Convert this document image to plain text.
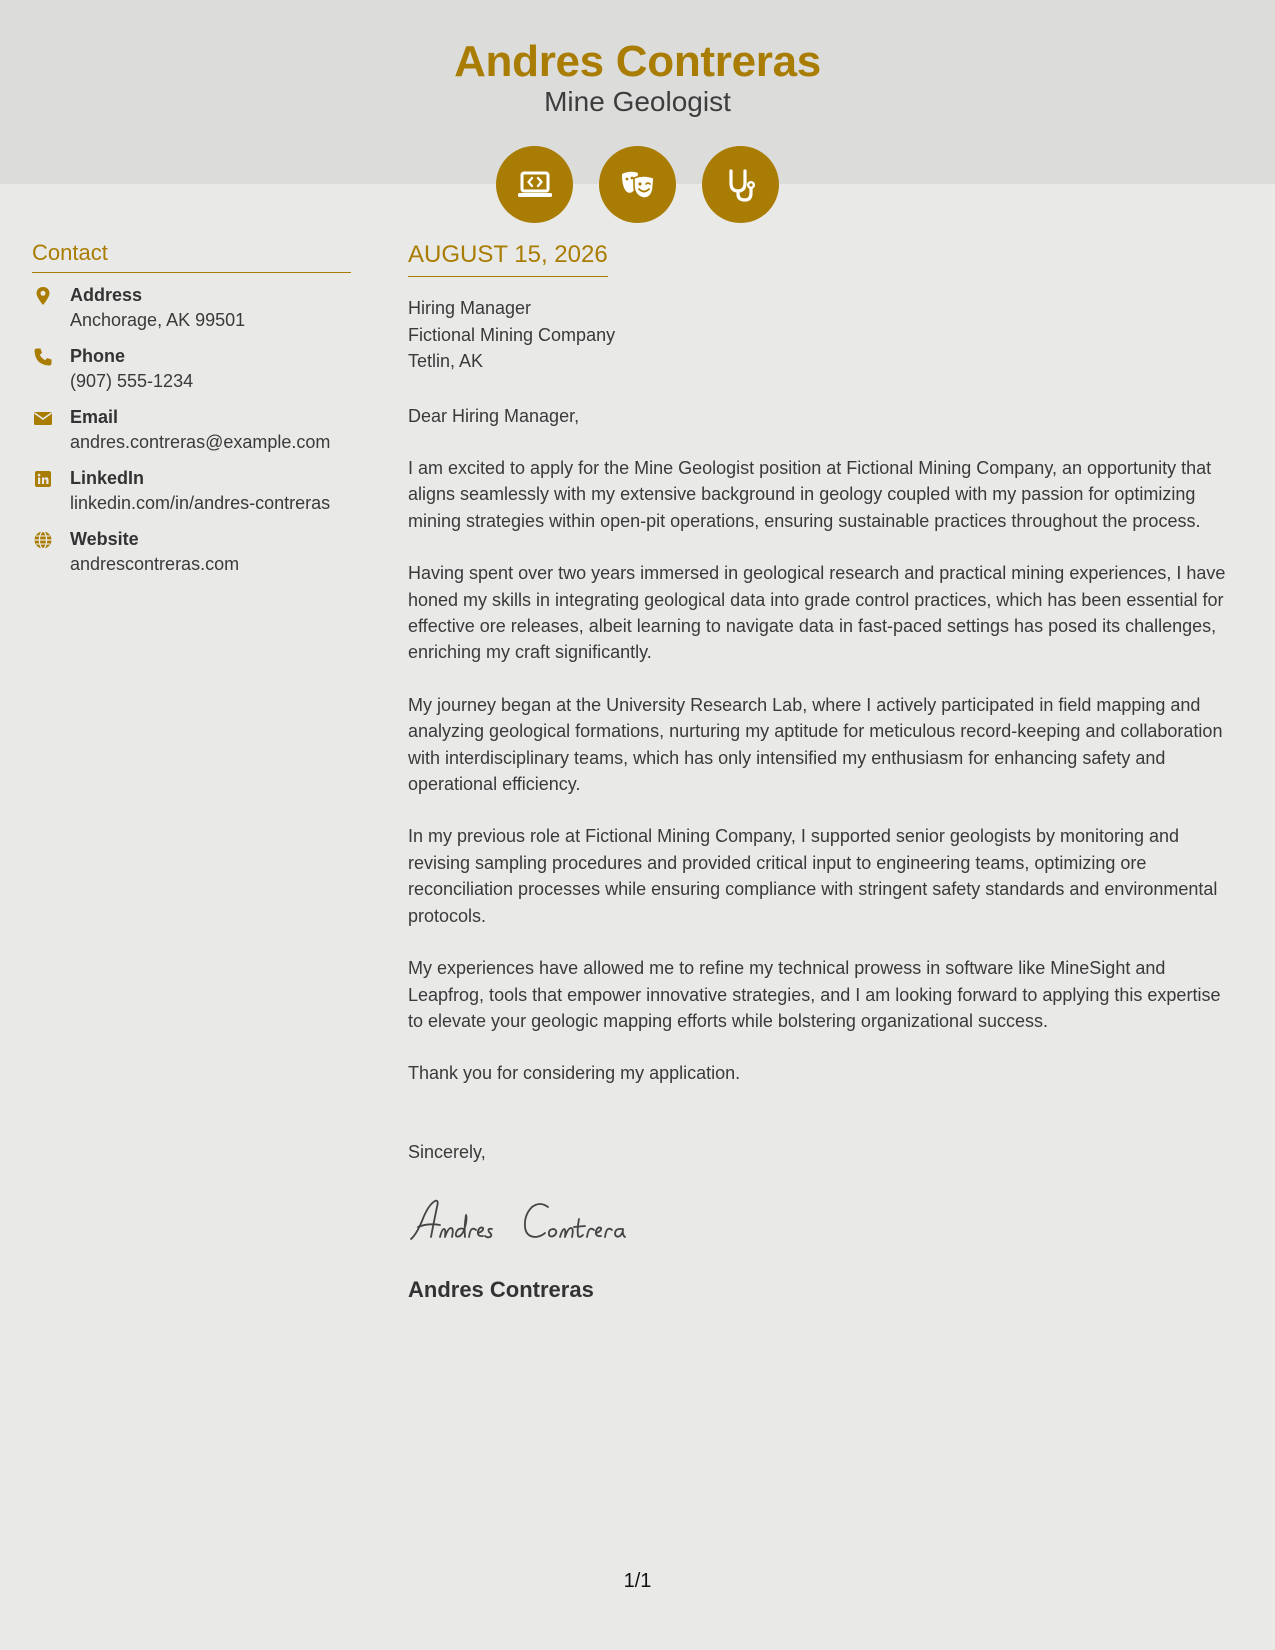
Andres Contreras
Mine Geologist
Contact
Address
Anchorage, AK 99501
Phone
(907) 555-1234
Email
andres.contreras@example.com
LinkedIn
linkedin.com/in/andres-contreras
Website
andrescontreras.com
AUGUST 15, 2026
Hiring Manager
Fictional Mining Company
Tetlin, AK
Dear Hiring Manager,
I am excited to apply for the Mine Geologist position at Fictional Mining Company, an opportunity that aligns seamlessly with my extensive background in geology coupled with my passion for optimizing mining strategies within open-pit operations, ensuring sustainable practices throughout the process.
Having spent over two years immersed in geological research and practical mining experiences, I have honed my skills in integrating geological data into grade control practices, which has been essential for effective ore releases, albeit learning to navigate data in fast-paced settings has posed its challenges, enriching my craft significantly.
My journey began at the University Research Lab, where I actively participated in field mapping and analyzing geological formations, nurturing my aptitude for meticulous record-keeping and collaboration with interdisciplinary teams, which has only intensified my enthusiasm for enhancing safety and operational efficiency.
In my previous role at Fictional Mining Company, I supported senior geologists by monitoring and revising sampling procedures and provided critical input to engineering teams, optimizing ore reconciliation processes while ensuring compliance with stringent safety standards and environmental protocols.
My experiences have allowed me to refine my technical prowess in software like MineSight and Leapfrog, tools that empower innovative strategies, and I am looking forward to applying this expertise to elevate your geologic mapping efforts while bolstering organizational success.
Thank you for considering my application.
Sincerely,
Andres Contreras
1/1
